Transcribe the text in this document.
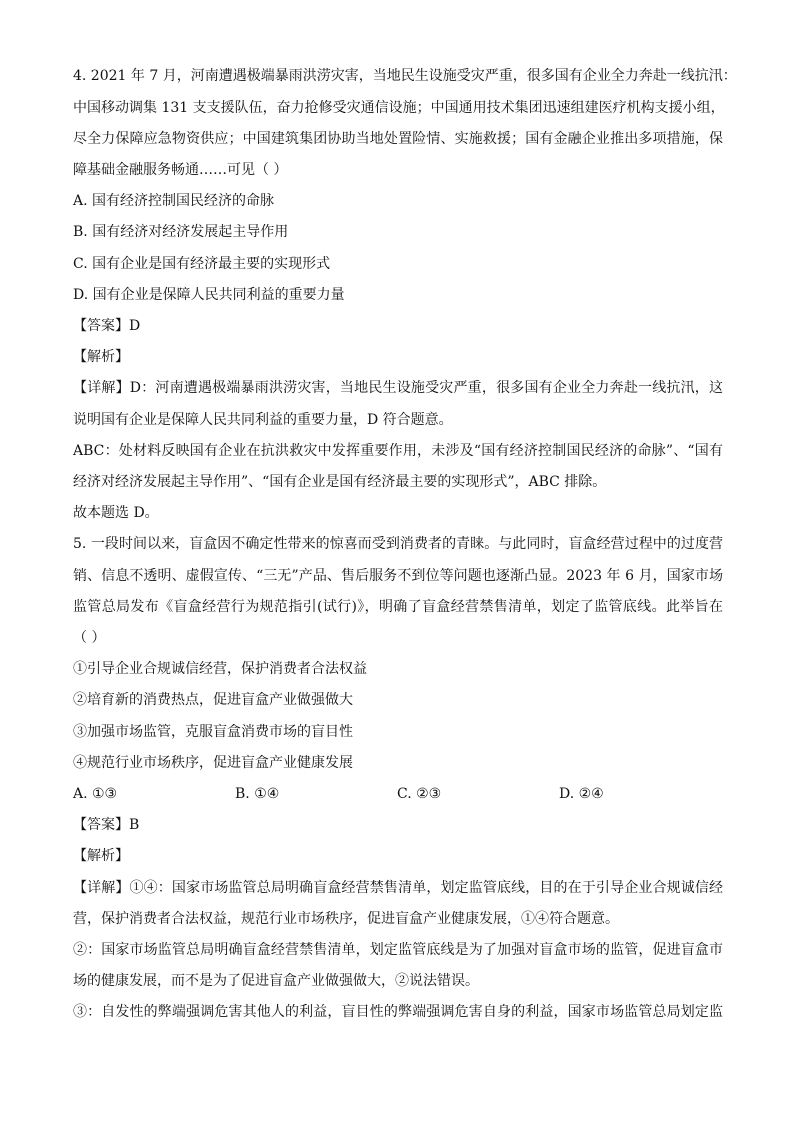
4. 2021 年 7 月，河南遭遇极端暴雨洪涝灾害，当地民生设施受灾严重，很多国有企业全力奔赴一线抗汛：
中国移动调集 131 支支援队伍，奋力抢修受灾通信设施；中国通用技术集团迅速组建医疗机构支援小组，
尽全力保障应急物资供应；中国建筑集团协助当地处置险情、实施救援；国有金融企业推出多项措施，保
障基础金融服务畅通……可见（ ）
A. 国有经济控制国民经济的命脉
B. 国有经济对经济发展起主导作用
C. 国有企业是国有经济最主要的实现形式
D. 国有企业是保障人民共同利益的重要力量
【答案】D
【解析】
【详解】D：河南遭遇极端暴雨洪涝灾害，当地民生设施受灾严重，很多国有企业全力奔赴一线抗汛，这
说明国有企业是保障人民共同利益的重要力量，D 符合题意。
ABC：处材料反映国有企业在抗洪救灾中发挥重要作用，未涉及“国有经济控制国民经济的命脉”、“国有
经济对经济发展起主导作用”、“国有企业是国有经济最主要的实现形式”，ABC 排除。
故本题选 D。
5. 一段时间以来，盲盒因不确定性带来的惊喜而受到消费者的青睐。与此同时，盲盒经营过程中的过度营
销、信息不透明、虚假宣传、“三无”产品、售后服务不到位等问题也逐渐凸显。2023 年 6 月，国家市场
监管总局发布《盲盒经营行为规范指引(试行)》，明确了盲盒经营禁售清单，划定了监管底线。此举旨在
（ ）
①引导企业合规诚信经营，保护消费者合法权益
②培育新的消费热点，促进盲盒产业做强做大
③加强市场监管，克服盲盒消费市场的盲目性
④规范行业市场秩序，促进盲盒产业健康发展
A. ①③	B. ①④	C. ②③	D. ②④
【答案】B
【解析】
【详解】①④：国家市场监管总局明确盲盒经营禁售清单，划定监管底线，目的在于引导企业合规诚信经
营，保护消费者合法权益，规范行业市场秩序，促进盲盒产业健康发展，①④符合题意。
②：国家市场监管总局明确盲盒经营禁售清单，划定监管底线是为了加强对盲盒市场的监管，促进盲盒市
场的健康发展，而不是为了促进盲盒产业做强做大，②说法错误。
③：自发性的弊端强调危害其他人的利益，盲目性的弊端强调危害自身的利益，国家市场监管总局划定监
